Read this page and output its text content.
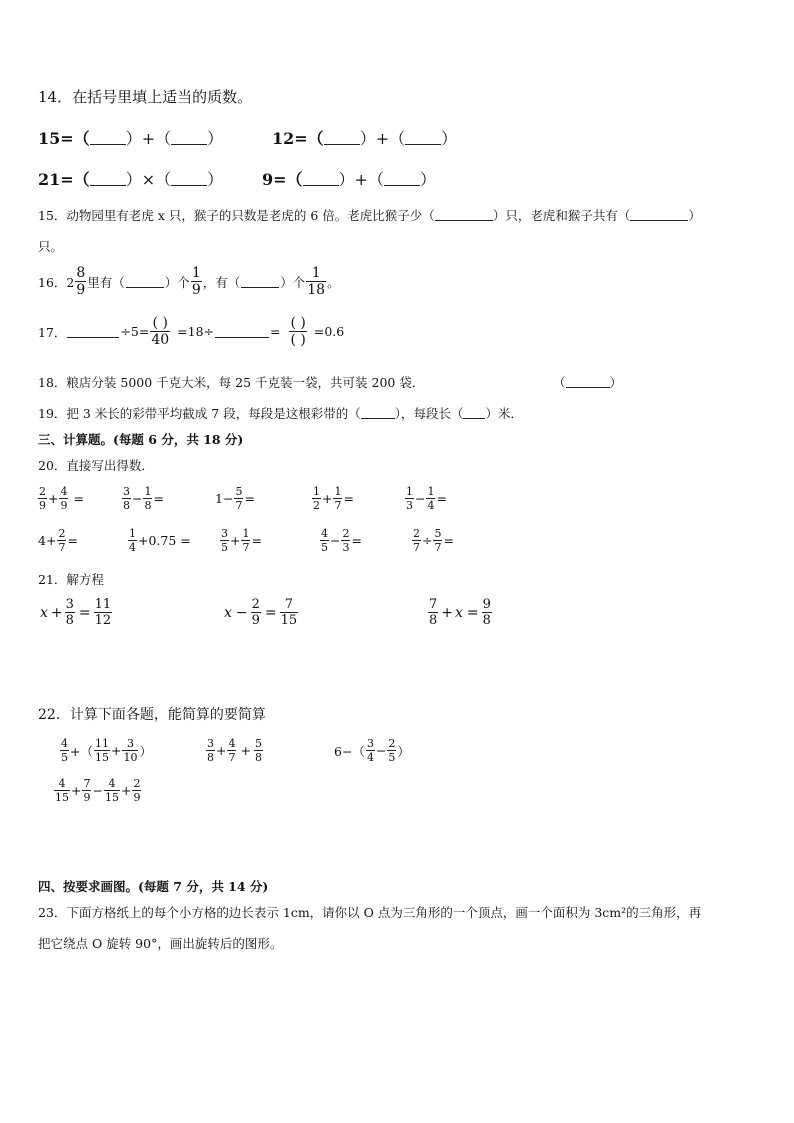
14．在括号里填上适当的质数。
15=（ ）+（ ）	12=（ ）+（ ）
21=（ ）×（ ） 9=（ ）+（ ）
15．动物园里有老虎 x 只，猴子的只数是老虎的 6 倍。老虎比猴子少（	）只，老虎和猴子共有（	）
只。
16．$2 \frac{8}{9}$ 里有（	）个 $\frac{1}{9}$ ，有（	）个 $\frac{1}{18}$ 。
17．	$\div 5= \frac{( )}{40} =18\div$	= $\frac{( )}{( )} =0.6$
18．粮店分装 5000 千克大米，每 25 千克装一袋，共可装 200 袋．	（	）
19．把 3 米长的彩带平均截成 7 段，每段是这根彩带的（	），每段长（ ）米．
三、计算题。(每题 6 分，共 18 分)
20．直接写出得数．
$\frac{2}{9} + \frac{4}{9}$ =	$\frac{3}{8} - \frac{1}{8}$ =	$1- \frac{5}{7}$ =	$\frac{1}{2} + \frac{1}{7}$ =	$\frac{1}{3} - \frac{1}{4}$ =
$4+ \frac{2}{7}$ =	$\frac{1}{4} +0.75$ =	$\frac{3}{5} + \frac{1}{7}$ =	$\frac{4}{5} - \frac{2}{3}$ =	$\frac{2}{7} \div \frac{5}{7}$ =
21．解方程
$x + \frac{3}{8} = \frac{11}{12}$	$x - \frac{2}{9} = \frac{7}{15}$	$\frac{7}{8} + x = \frac{9}{8}$
22．计算下面各题，能简算的要简算
$\frac{4}{5}$ +（ $\frac{11}{15} + \frac{3}{10}$ ）	$\frac{3}{8} + \frac{4}{7} + \frac{5}{8}$	$6-( \frac{3}{4} - \frac{2}{5}$ ）
$\frac{4}{15} + \frac{7}{9} - \frac{4}{15} + \frac{2}{9}$
四、按要求画图。(每题 7 分，共 14 分)
23．下面方格纸上的每个小方格的边长表示 1cm，请你以 O 点为三角形的一个顶点，画一个面积为 3cm²的三角形，再
把它绕点 O 旋转 90°，画出旋转后的图形。
